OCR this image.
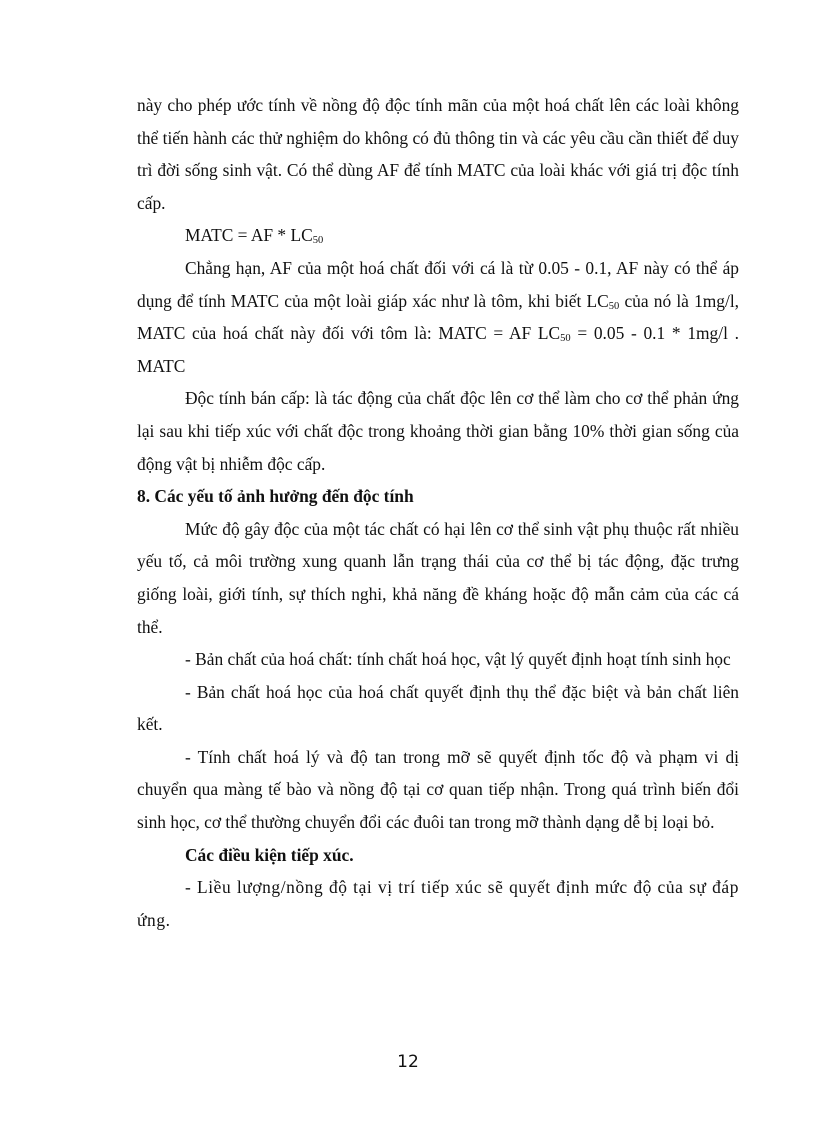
này cho phép ước tính về nồng độ độc tính mãn của một hoá chất lên các loài không thể tiến hành các thử nghiệm do không có đủ thông tin và các yêu cầu cần thiết để duy trì đời sống sinh vật. Có thể dùng AF để tính MATC của loài khác với giá trị độc tính cấp.

MATC = AF * $LC_{50}$

Chẳng hạn, AF của một hoá chất đối với cá là từ 0.05 - 0.1, AF này có thể áp dụng để tính MATC của một loài giáp xác như là tôm, khi biết $LC_{50}$ của nó là 1mg/l, MATC của hoá chất này đối với tôm là: MATC = AF $LC_{50} = 0.05 - 0.1 * 1mg/l$ . MATC

Độc tính bán cấp: là tác động của chất độc lên cơ thể làm cho cơ thể phản ứng lại sau khi tiếp xúc với chất độc trong khoảng thời gian bằng 10% thời gian sống của động vật bị nhiễm độc cấp.

8. Các yếu tố ảnh hưởng đến độc tính

Mức độ gây độc của một tác chất có hại lên cơ thể sinh vật phụ thuộc rất nhiều yếu tố, cả môi trường xung quanh lẫn trạng thái của cơ thể bị tác động, đặc trưng giống loài, giới tính, sự thích nghi, khả năng đề kháng hoặc độ mẫn cảm của các cá thể.

- Bản chất của hoá chất: tính chất hoá học, vật lý quyết định hoạt tính sinh học

- Bản chất hoá học của hoá chất quyết định thụ thể đặc biệt và bản chất liên kết.

- Tính chất hoá lý và độ tan trong mỡ sẽ quyết định tốc độ và phạm vi dị chuyển qua màng tế bào và nồng độ tại cơ quan tiếp nhận. Trong quá trình biến đổi sinh học, cơ thể thường chuyển đổi các đuôi tan trong mỡ thành dạng dễ bị loại bỏ.

Các điều kiện tiếp xúc.

- Liều lượng/nồng độ tại vị trí tiếp xúc sẽ quyết định mức độ của sự đáp ứng.

12
